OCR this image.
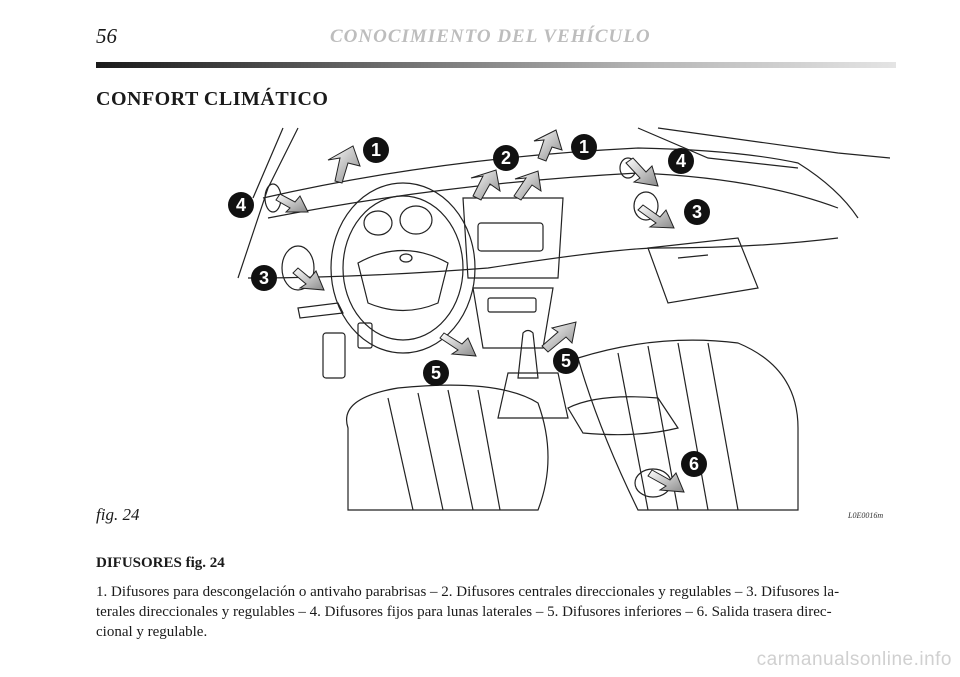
56	CONOCIMIENTO DEL VEHÍCULO
CONFORT CLIMÁTICO
1	1
2
3
3
4
4
5
5
6
fig. 24	L0E0016m
DIFUSORES fig. 24
1. Difusores para descongelación o antivaho parabrisas – 2. Difusores centrales direccionales y regulables – 3. Difusores la-
terales direccionales y regulables – 4. Difusores fijos para lunas laterales – 5. Difusores inferiores – 6. Salida trasera direc-
cional y regulable.
carmanualsonline.info
